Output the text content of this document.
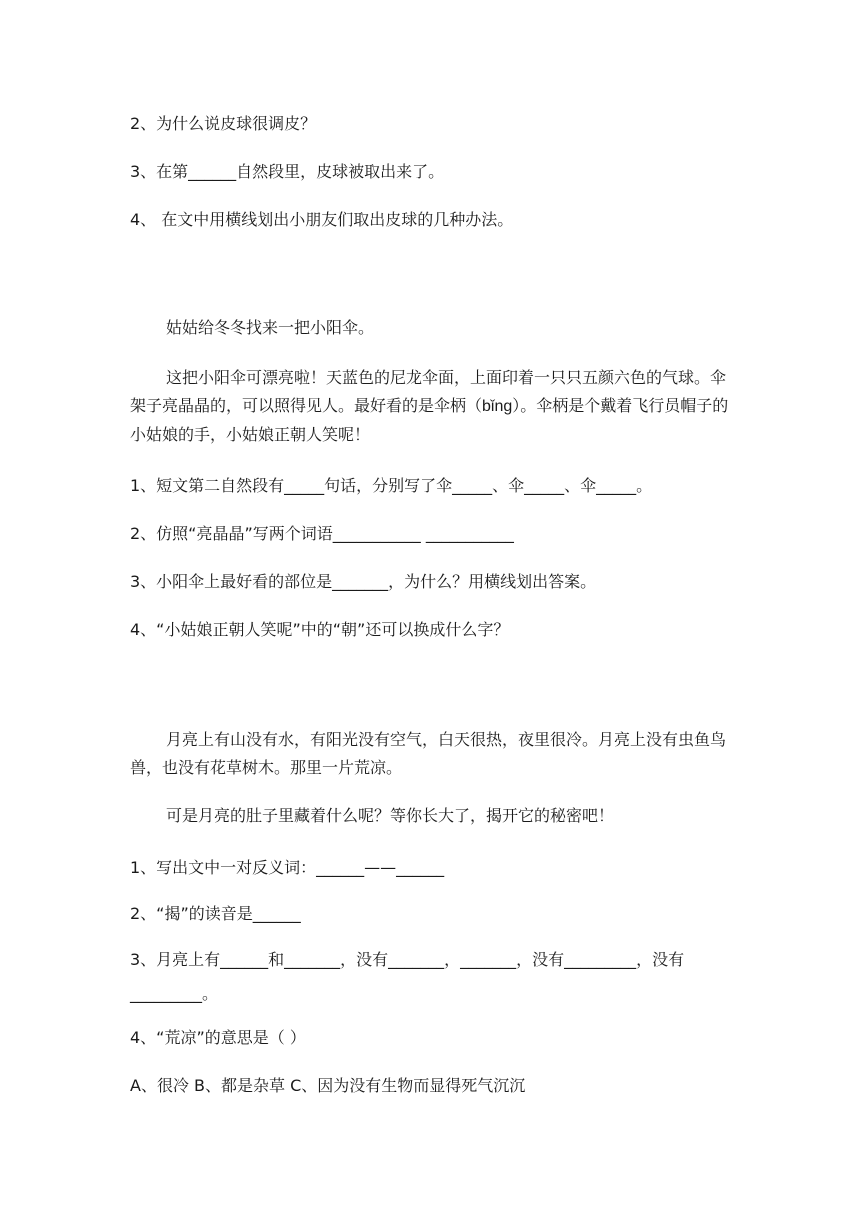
2、为什么说皮球很调皮？
3、在第______自然段里，皮球被取出来了。
4、 在文中用横线划出小朋友们取出皮球的几种办法。
姑姑给冬冬找来一把小阳伞。
这把小阳伞可漂亮啦！天蓝色的尼龙伞面，上面印着一只只五颜六色的气球。伞架子亮晶晶的，可以照得见人。最好看的是伞柄（bǐng）。伞柄是个戴着飞行员帽子的小姑娘的手，小姑娘正朝人笑呢！
1、短文第二自然段有_____句话，分别写了伞_____、伞_____、伞_____。
2、仿照“亮晶晶”写两个词语___________ ___________
3、小阳伞上最好看的部位是_______，为什么？用横线划出答案。
4、“小姑娘正朝人笑呢”中的“朝”还可以换成什么字？
月亮上有山没有水，有阳光没有空气，白天很热，夜里很冷。月亮上没有虫鱼鸟兽，也没有花草树木。那里一片荒凉。
可是月亮的肚子里藏着什么呢？等你长大了，揭开它的秘密吧！
1、写出文中一对反义词：______——______
2、“揭”的读音是______
3、月亮上有______和_______，没有_______，_______，没有_________，没有
_________。
4、“荒凉”的意思是（ ）
A、很冷 B、都是杂草 C、因为没有生物而显得死气沉沉
